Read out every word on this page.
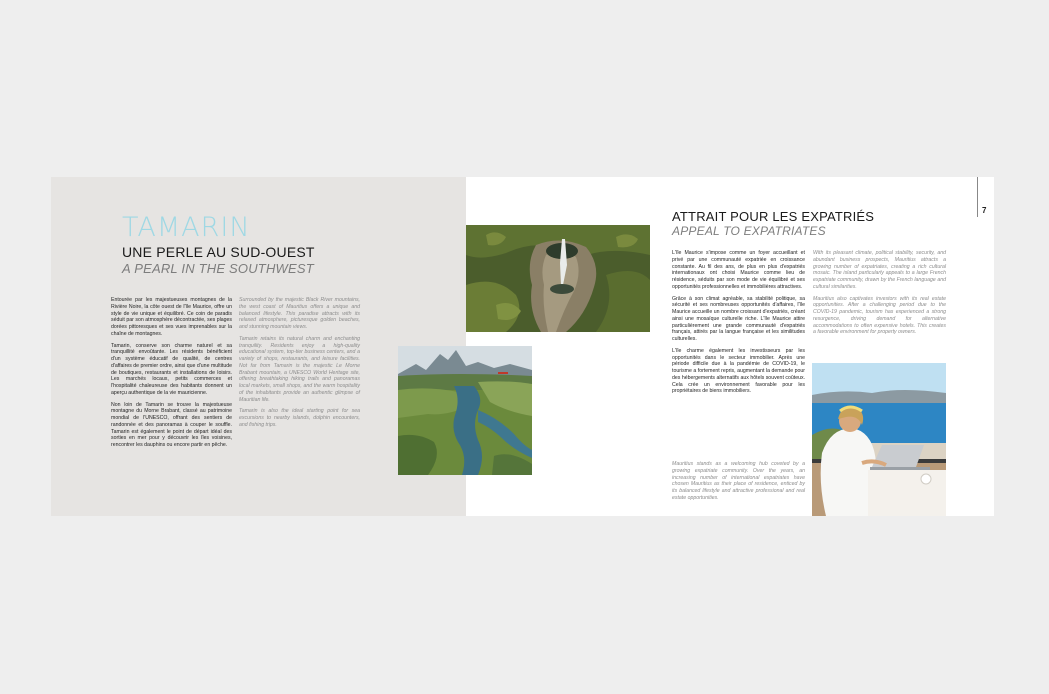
TAMARIN
UNE PERLE AU SUD-OUEST
A PEARL IN THE SOUTHWEST

Entourée par les majestueuses montagnes de la Rivière Noire, la côte ouest de l'île Maurice, offre un style de vie unique et équilibré. Ce coin de paradis séduit par son atmosphère décontractée, ses plages dorées pittoresques et ses vues imprenables sur la chaîne de montagnes.

Tamarin, conserve son charme naturel et sa tranquillité envoûtante. Les résidents bénéficient d'un système éducatif de qualité, de centres d'affaires de premier ordre, ainsi que d'une multitude de boutiques, restaurants et installations de loisirs. Les marchés locaux, petits commerces et l'hospitalité chaleureuse des habitants donnent un aperçu authentique de la vie mauricienne.

Non loin de Tamarin se trouve la majestueuse montagne du Morne Brabant, classé au patrimoine mondial de l'UNESCO, offrant des sentiers de randonnée et des panoramas à couper le souffle. Tamarin est également le point de départ idéal des sorties en mer pour y découvrir les îles voisines, rencontrer les dauphins ou encore partir en pêche.

Surrounded by the majestic Black River mountains, the west coast of Mauritius offers a unique and balanced lifestyle. This paradise attracts with its relaxed atmosphere, picturesque golden beaches, and stunning mountain views.

Tamarin retains its natural charm and enchanting tranquility. Residents enjoy a high-quality educational system, top-tier business centers, and a variety of shops, restaurants, and leisure facilities. Not far from Tamarin is the majestic Le Morne Brabant mountain, a UNESCO World Heritage site, offering breathtaking hiking trails and panoramas local markets, small shops, and the warm hospitality of the inhabitants provide an authentic glimpse of Mauritian life.

Tamarin is also the ideal starting point for sea excursions to nearby islands, dolphin encounters, and fishing trips.

ATTRAIT POUR LES EXPATRIÉS
APPEAL TO EXPATRIATES
7

L'île Maurice s'impose comme un foyer accueillant et privé par une communauté expatriée en croissance constante. Au fil des ans, de plus en plus d'expatriés internationaux ont choisi Maurice comme lieu de résidence, séduits par son mode de vie équilibré et ses opportunités professionnelles et immobilières attractives.

Grâce à son climat agréable, sa stabilité politique, sa sécurité et ses nombreuses opportunités d'affaires, l'île Maurice accueille un nombre croissant d'expatriés, créant ainsi une mosaïque culturelle riche. L'île Maurice attire particulièrement une grande communauté d'expatriés français, attirés par la langue française et les similitudes culturelles.

L'île charme également les investisseurs par les opportunités dans le secteur immobilier. Après une période difficile due à la pandémie de COVID-19, le tourisme a fortement repris, augmentant la demande pour des hébergements alternatifs aux hôtels souvent coûteux. Cela crée un environnement favorable pour les propriétaires de biens immobiliers.

Mauritius stands as a welcoming hub coveted by a growing expatriate community. Over the years, an increasing number of international expatriates have chosen Mauritius as their place of residence, enticed by its balanced lifestyle and attractive professional and real estate opportunities.

With its pleasant climate, political stability, security, and abundant business prospects, Mauritius attracts a growing number of expatriates, creating a rich cultural mosaic. The island particularly appeals to a large French expatriate community, drawn by the French language and cultural similarities.

Mauritius also captivates investors with its real estate opportunities. After a challenging period due to the COVID-19 pandemic, tourism has experienced a strong resurgence, driving demand for alternative accommodations to often expensive hotels. This creates a favorable environment for property owners.
